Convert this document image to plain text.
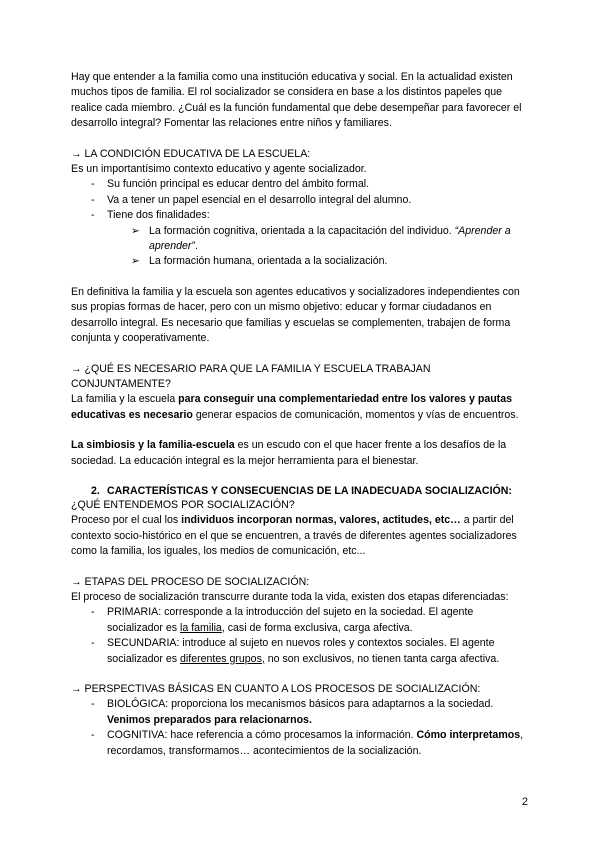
Hay que entender a la familia como una institución educativa y social. En la actualidad existen muchos tipos de familia. El rol socializador se considera en base a los distintos papeles que realice cada miembro. ¿Cuál es la función fundamental que debe desempeñar para favorecer el desarrollo integral? Fomentar las relaciones entre niños y familiares.

→ LA CONDICIÓN EDUCATIVA DE LA ESCUELA:

Es un importantísimo contexto educativo y agente socializador.

- Su función principal es educar dentro del ámbito formal.
- Va a tener un papel esencial en el desarrollo integral del alumno.
- Tiene dos finalidades:
➢ La formación cognitiva, orientada a la capacitación del individuo. “Aprender a aprender”.
➢ La formación humana, orientada a la socialización.

En definitiva la familia y la escuela son agentes educativos y socializadores independientes con sus propias formas de hacer, pero con un mismo objetivo: educar y formar ciudadanos en desarrollo integral. Es necesario que familias y escuelas se complementen, trabajen de forma conjunta y cooperativamente.

→ ¿QUÉ ES NECESARIO PARA QUE LA FAMILIA Y ESCUELA TRABAJAN CONJUNTAMENTE?

La familia y la escuela para conseguir una complementariedad entre los valores y pautas educativas es necesario generar espacios de comunicación, momentos y vías de encuentros.

La simbiosis y la familia-escuela es un escudo con el que hacer frente a los desafíos de la sociedad. La educación integral es la mejor herramienta para el bienestar.

2. CARACTERÍSTICAS Y CONSECUENCIAS DE LA INADECUADA SOCIALIZACIÓN:

¿QUÉ ENTENDEMOS POR SOCIALIZACIÓN?

Proceso por el cual los individuos incorporan normas, valores, actitudes, etc… a partir del contexto socio-histórico en el que se encuentren, a través de diferentes agentes socializadores como la familia, los iguales, los medios de comunicación, etc...

→ ETAPAS DEL PROCESO DE SOCIALIZACIÓN:

El proceso de socialización transcurre durante toda la vida, existen dos etapas diferenciadas:

- PRIMARIA: corresponde a la introducción del sujeto en la sociedad. El agente socializador es la familia, casi de forma exclusiva, carga afectiva.
- SECUNDARIA: introduce al sujeto en nuevos roles y contextos sociales. El agente socializador es diferentes grupos, no son exclusivos, no tienen tanta carga afectiva.

→ PERSPECTIVAS BÁSICAS EN CUANTO A LOS PROCESOS DE SOCIALIZACIÓN:

- BIOLÓGICA: proporciona los mecanismos básicos para adaptarnos a la sociedad. Venimos preparados para relacionarnos.
- COGNITIVA: hace referencia a cómo procesamos la información. Cómo interpretamos, recordamos, transformamos… acontecimientos de la socialización.
2
